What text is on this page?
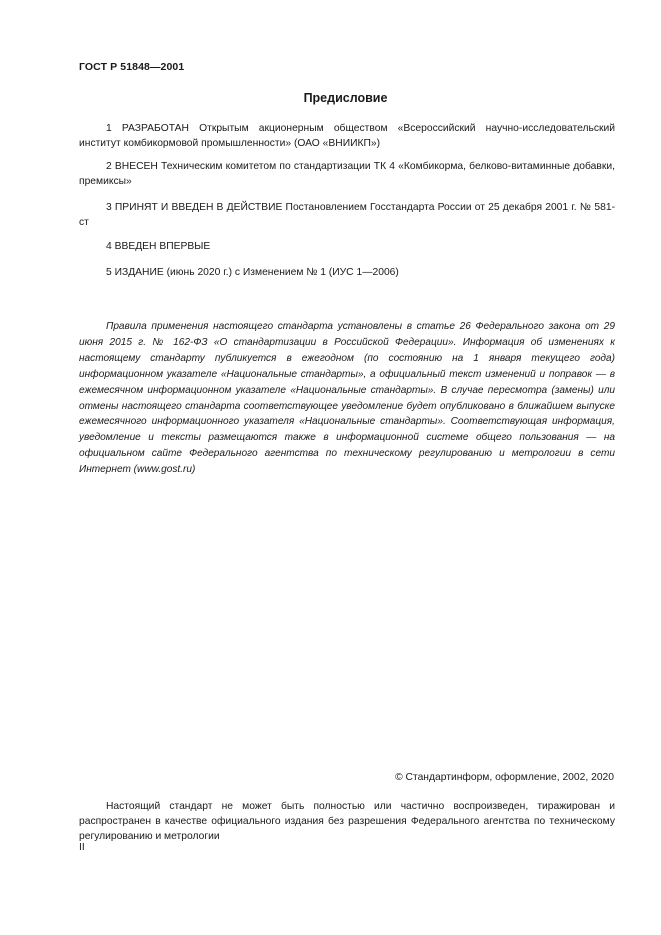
ГОСТ Р 51848—2001
Предисловие

1 РАЗРАБОТАН Открытым акционерным обществом «Всероссийский научно-исследовательский институт комбикормовой промышленности» (ОАО «ВНИИКП»)

2 ВНЕСЕН Техническим комитетом по стандартизации ТК 4 «Комбикорма, белково-витаминные добавки, премиксы»

3 ПРИНЯТ И ВВЕДЕН В ДЕЙСТВИЕ Постановлением Госстандарта России от 25 декабря 2001 г. № 581-ст

4 ВВЕДЕН ВПЕРВЫЕ

5 ИЗДАНИЕ (июнь 2020 г.) с Изменением № 1 (ИУС 1—2006)

Правила применения настоящего стандарта установлены в статье 26 Федерального закона от 29 июня 2015 г. № 162-ФЗ «О стандартизации в Российской Федерации». Информация об изменениях к настоящему стандарту публикуется в ежегодном (по состоянию на 1 января текущего года) информационном указателе «Национальные стандарты», а официальный текст изменений и поправок — в ежемесячном информационном указателе «Национальные стандарты». В случае пересмотра (замены) или отмены настоящего стандарта соответствующее уведомление будет опубликовано в ближайшем выпуске ежемесячного информационного указателя «Национальные стандарты». Соответствующая информация, уведомление и тексты размещаются также в информационной системе общего пользования — на официальном сайте Федерального агентства по техническому регулированию и метрологии в сети Интернет (www.gost.ru)

© Стандартинформ, оформление, 2002, 2020

Настоящий стандарт не может быть полностью или частично воспроизведен, тиражирован и распространен в качестве официального издания без разрешения Федерального агентства по техническому регулированию и метрологии

II
